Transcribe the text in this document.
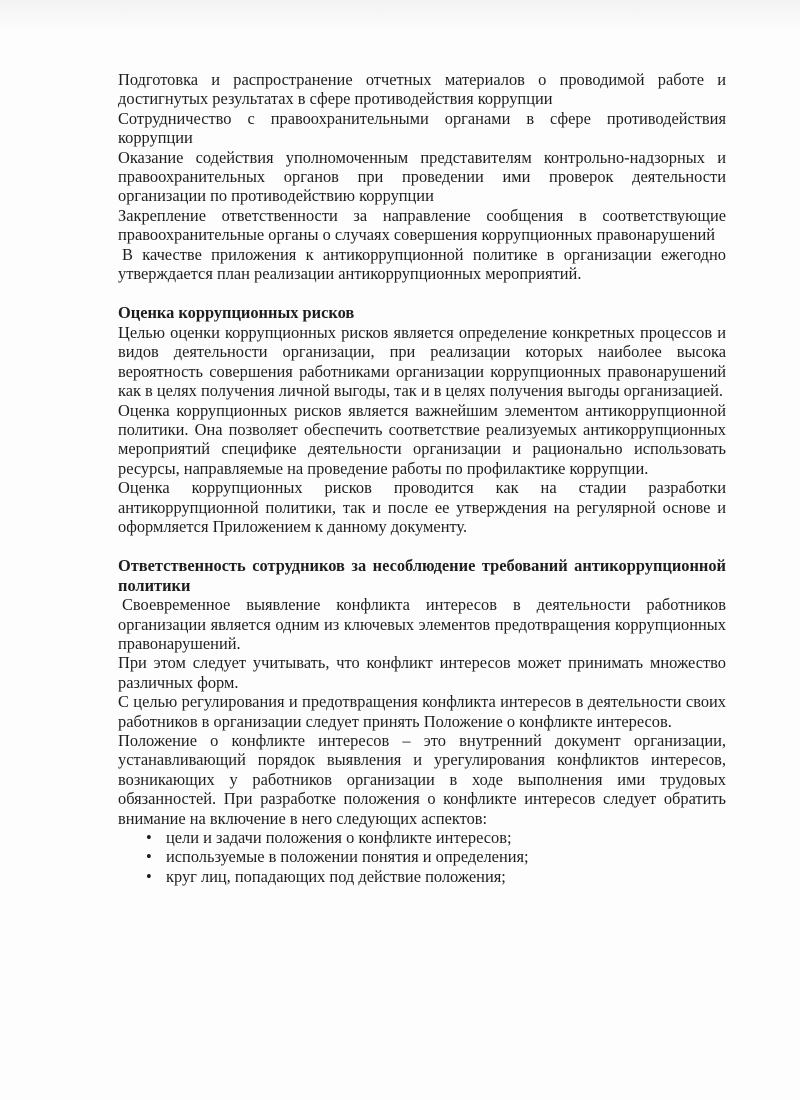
Подготовка и распространение отчетных материалов о проводимой работе и достигнутых результатах в сфере противодействия коррупции

Сотрудничество с правоохранительными органами в сфере противодействия коррупции

Оказание содействия уполномоченным представителям контрольно-надзорных и правоохранительных органов при проведении ими проверок деятельности организации по противодействию коррупции

Закрепление ответственности за направление сообщения в соответствующие правоохранительные органы о случаях совершения коррупционных правонарушений

В качестве приложения к антикоррупционной политике в организации ежегодно утверждается план реализации антикоррупционных мероприятий.

Оценка коррупционных рисков

Целью оценки коррупционных рисков является определение конкретных процессов и видов деятельности организации, при реализации которых наиболее высока вероятность совершения работниками организации коррупционных правонарушений как в целях получения личной выгоды, так и в целях получения выгоды организацией.

Оценка коррупционных рисков является важнейшим элементом антикоррупционной политики. Она позволяет обеспечить соответствие реализуемых антикоррупционных мероприятий специфике деятельности организации и рационально использовать ресурсы, направляемые на проведение работы по профилактике коррупции.

Оценка коррупционных рисков проводится как на стадии разработки антикоррупционной политики, так и после ее утверждения на регулярной основе и оформляется Приложением к данному документу.

Ответственность сотрудников за несоблюдение требований антикоррупционной политики

Своевременное выявление конфликта интересов в деятельности работников организации является одним из ключевых элементов предотвращения коррупционных правонарушений.

При этом следует учитывать, что конфликт интересов может принимать множество различных форм.

С целью регулирования и предотвращения конфликта интересов в деятельности своих работников в организации следует принять Положение о конфликте интересов.

Положение о конфликте интересов – это внутренний документ организации, устанавливающий порядок выявления и урегулирования конфликтов интересов, возникающих у работников организации в ходе выполнения ими трудовых обязанностей. При разработке положения о конфликте интересов следует обратить внимание на включение в него следующих аспектов:

• цели и задачи положения о конфликте интересов;
• используемые в положении понятия и определения;
• круг лиц, попадающих под действие положения;
